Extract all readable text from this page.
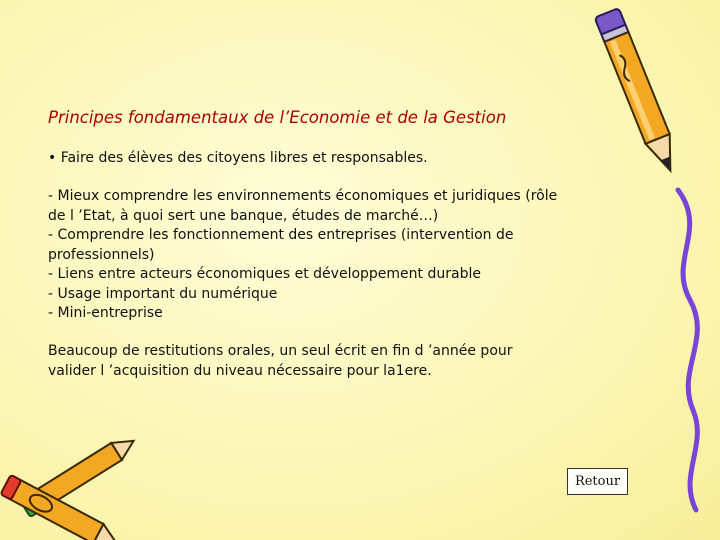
Principes fondamentaux de l’Economie et de la Gestion

• Faire des élèves des citoyens libres et responsables.

- Mieux comprendre les environnements économiques et juridiques (rôle
de l ’Etat, à quoi sert une banque, études de marché…)
- Comprendre les fonctionnement des entreprises (intervention de
professionnels)
- Liens entre acteurs économiques et développement durable
- Usage important du numérique
- Mini-entreprise

Beaucoup de restitutions orales, un seul écrit en fin d ’année pour
valider l ’acquisition du niveau nécessaire pour la1ere.

Retour
